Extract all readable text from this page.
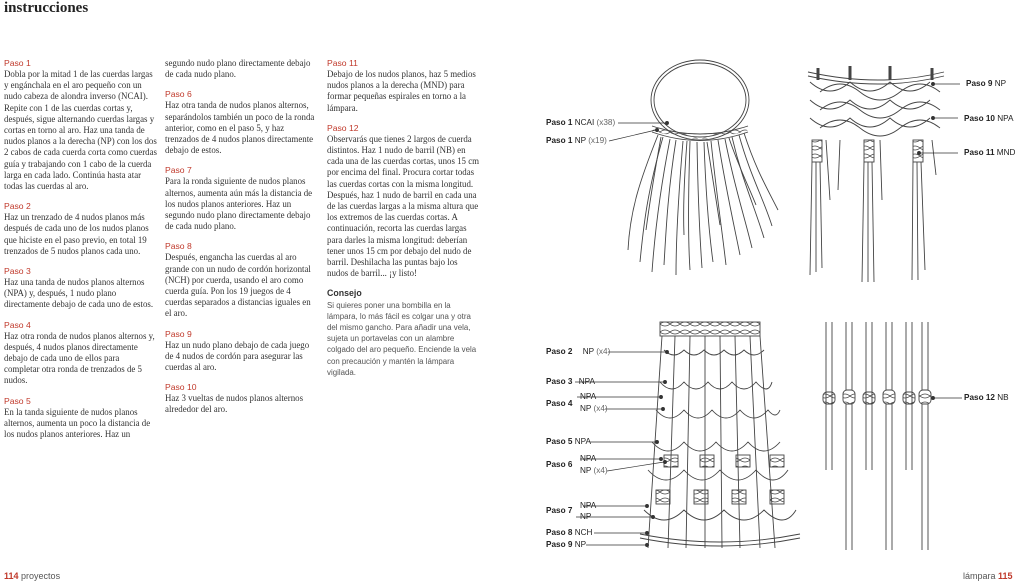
instrucciones
Paso 1

Dobla por la mitad 1 de las cuerdas largas y engánchala en el aro pequeño con un nudo cabeza de alondra inverso (NCAI). Repite con 1 de las cuerdas cortas y, después, sigue alternando cuerdas largas y cortas en torno al aro. Haz una tanda de nudos planos a la derecha (NP) con los dos 2 cabos de cada cuerda corta como cuerdas guía y trabajando con 1 cabo de la cuerda larga en cada lado. Continúa hasta atar todas las cuerdas al aro.

Paso 2

Haz un trenzado de 4 nudos planos más después de cada uno de los nudos planos que hiciste en el paso previo, en total 19 trenzados de 5 nudos planos cada uno.

Paso 3

Haz una tanda de nudos planos alternos (NPA) y, después, 1 nudo plano directamente debajo de cada uno de estos.

Paso 4

Haz otra ronda de nudos planos alternos y, después, 4 nudos planos directamente debajo de cada uno de ellos para completar otra ronda de trenzados de 5 nudos.

Paso 5

En la tanda siguiente de nudos planos alternos, aumenta un poco la distancia de los nudos planos anteriores. Haz un

segundo nudo plano directamente debajo de cada nudo plano.

Paso 6

Haz otra tanda de nudos planos alternos, separándolos también un poco de la ronda anterior, como en el paso 5, y haz trenzados de 4 nudos planos directamente debajo de estos.

Paso 7

Para la ronda siguiente de nudos planos alternos, aumenta aún más la distancia de los nudos planos anteriores. Haz un segundo nudo plano directamente debajo de cada nudo plano.

Paso 8

Después, engancha las cuerdas al aro grande con un nudo de cordón horizontal (NCH) por cuerda, usando el aro como cuerda guía. Pon los 19 juegos de 4 cuerdas separados a distancias iguales en el aro.

Paso 9

Haz un nudo plano debajo de cada juego de 4 nudos de cordón para asegurar las cuerdas al aro.

Paso 10

Haz 3 vueltas de nudos planos alternos alrededor del aro.

Paso 11

Debajo de los nudos planos, haz 5 medios nudos planos a la derecha (MND) para formar pequeñas espirales en torno a la lámpara.

Paso 12

Observarás que tienes 2 largos de cuerda distintos. Haz 1 nudo de barril (NB) en cada una de las cuerdas cortas, unos 15 cm por encima del final. Procura cortar todas las cuerdas cortas con la misma longitud. Después, haz 1 nudo de barril en cada una de las cuerdas largas a la misma altura que los extremos de las cuerdas cortas. A continuación, recorta las cuerdas largas para darles la misma longitud: deberían tener unos 15 cm por debajo del nudo de barril. Deshilacha las puntas bajo los nudos de barril... ¡y listo!

Consejo
Si quieres poner una bombilla en la lámpara, lo más fácil es colgar una y otra del mismo gancho. Para añadir una vela, sujeta un portavelas con un alambre colgado del aro pequeño. Enciende la vela con precaución y mantén la lámpara vigilada.
114 proyectos	lámpara 115
Paso 1 NCAI (x38)
Paso 1 NP (x19)
Paso 9 NP
Paso 10 NPA
Paso 11 MND
Paso 2 NP (x4)
Paso 3 NPA
Paso 4
NPA
NP (x4)
Paso 5 NPA
Paso 6
NPA
NP (x4)
Paso 7
NPA
NP
Paso 8 NCH
Paso 9 NP
Paso 12 NB
